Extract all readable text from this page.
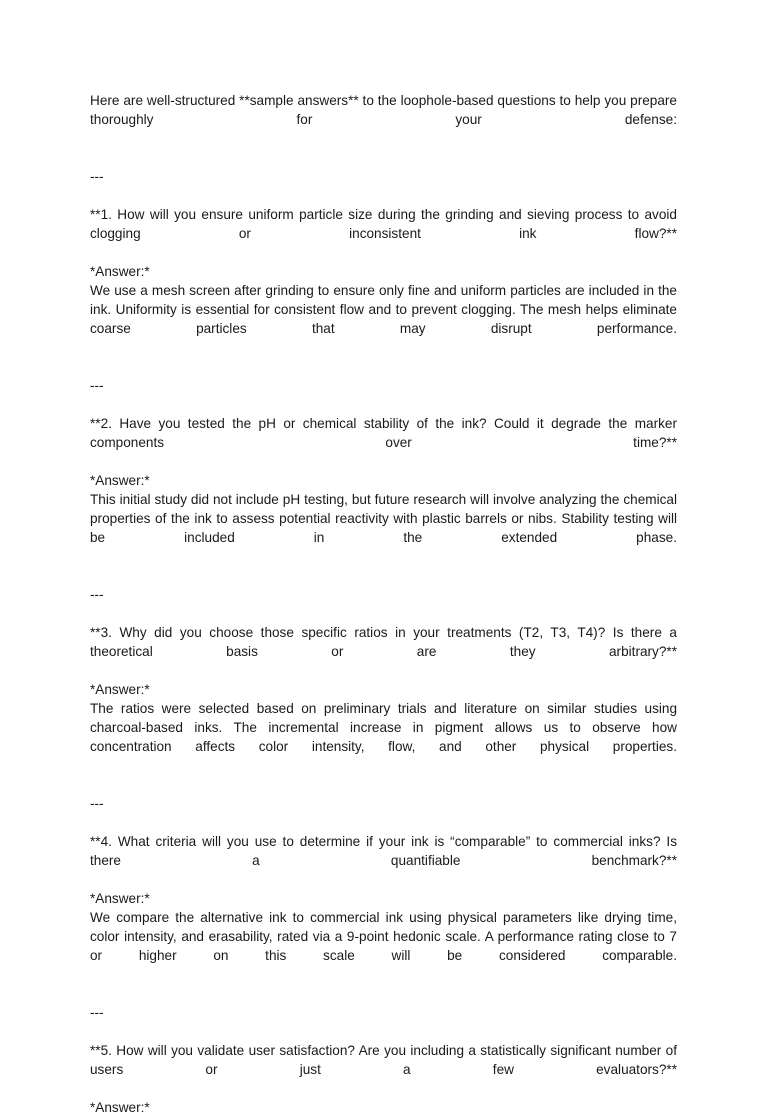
Here are well-structured **sample answers** to the loophole-based questions to help you prepare thoroughly for your defense:

---

**1. How will you ensure uniform particle size during the grinding and sieving process to avoid clogging or inconsistent ink flow?**

*Answer:*

We use a mesh screen after grinding to ensure only fine and uniform particles are included in the ink. Uniformity is essential for consistent flow and to prevent clogging. The mesh helps eliminate coarse particles that may disrupt performance.

---

**2. Have you tested the pH or chemical stability of the ink? Could it degrade the marker components over time?**

*Answer:*

This initial study did not include pH testing, but future research will involve analyzing the chemical properties of the ink to assess potential reactivity with plastic barrels or nibs. Stability testing will be included in the extended phase.

---

**3. Why did you choose those specific ratios in your treatments (T2, T3, T4)? Is there a theoretical basis or are they arbitrary?**

*Answer:*

The ratios were selected based on preliminary trials and literature on similar studies using charcoal-based inks. The incremental increase in pigment allows us to observe how concentration affects color intensity, flow, and other physical properties.

---

**4. What criteria will you use to determine if your ink is “comparable” to commercial inks? Is there a quantifiable benchmark?**

*Answer:*

We compare the alternative ink to commercial ink using physical parameters like drying time, color intensity, and erasability, rated via a 9-point hedonic scale. A performance rating close to 7 or higher on this scale will be considered comparable.

---

**5. How will you validate user satisfaction? Are you including a statistically significant number of users or just a few evaluators?**

*Answer:*
